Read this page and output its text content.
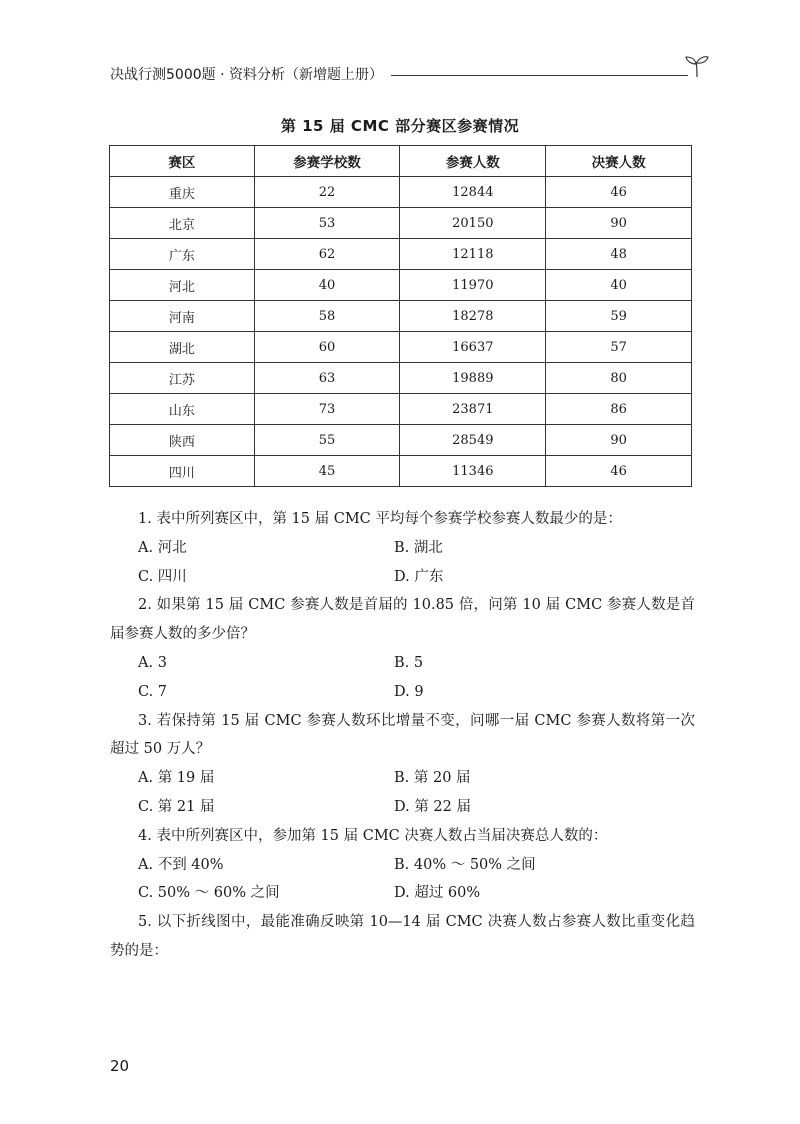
决战行测5000题 · 资料分析（新增题上册）
第 15 届 CMC 部分赛区参赛情况
赛区	参赛学校数	参赛人数	决赛人数
重庆	22	12844	46
北京	53	20150	90
广东	62	12118	48
河北	40	11970	40
河南	58	18278	59
湖北	60	16637	57
江苏	63	19889	80
山东	73	23871	86
陕西	55	28549	90
四川	45	11346	46
1. 表中所列赛区中，第 15 届 CMC 平均每个参赛学校参赛人数最少的是：
A. 河北	B. 湖北
C. 四川	D. 广东
2. 如果第 15 届 CMC 参赛人数是首届的 10.85 倍，问第 10 届 CMC 参赛人数是首届参赛人数的多少倍？
A. 3	B. 5
C. 7	D. 9
3. 若保持第 15 届 CMC 参赛人数环比增量不变，问哪一届 CMC 参赛人数将第一次超过 50 万人？
A. 第 19 届	B. 第 20 届
C. 第 21 届	D. 第 22 届
4. 表中所列赛区中，参加第 15 届 CMC 决赛人数占当届决赛总人数的：
A. 不到 40%	B. 40% ～ 50% 之间
C. 50% ～ 60% 之间	D. 超过 60%
5. 以下折线图中，最能准确反映第 10—14 届 CMC 决赛人数占参赛人数比重变化趋势的是：
20
